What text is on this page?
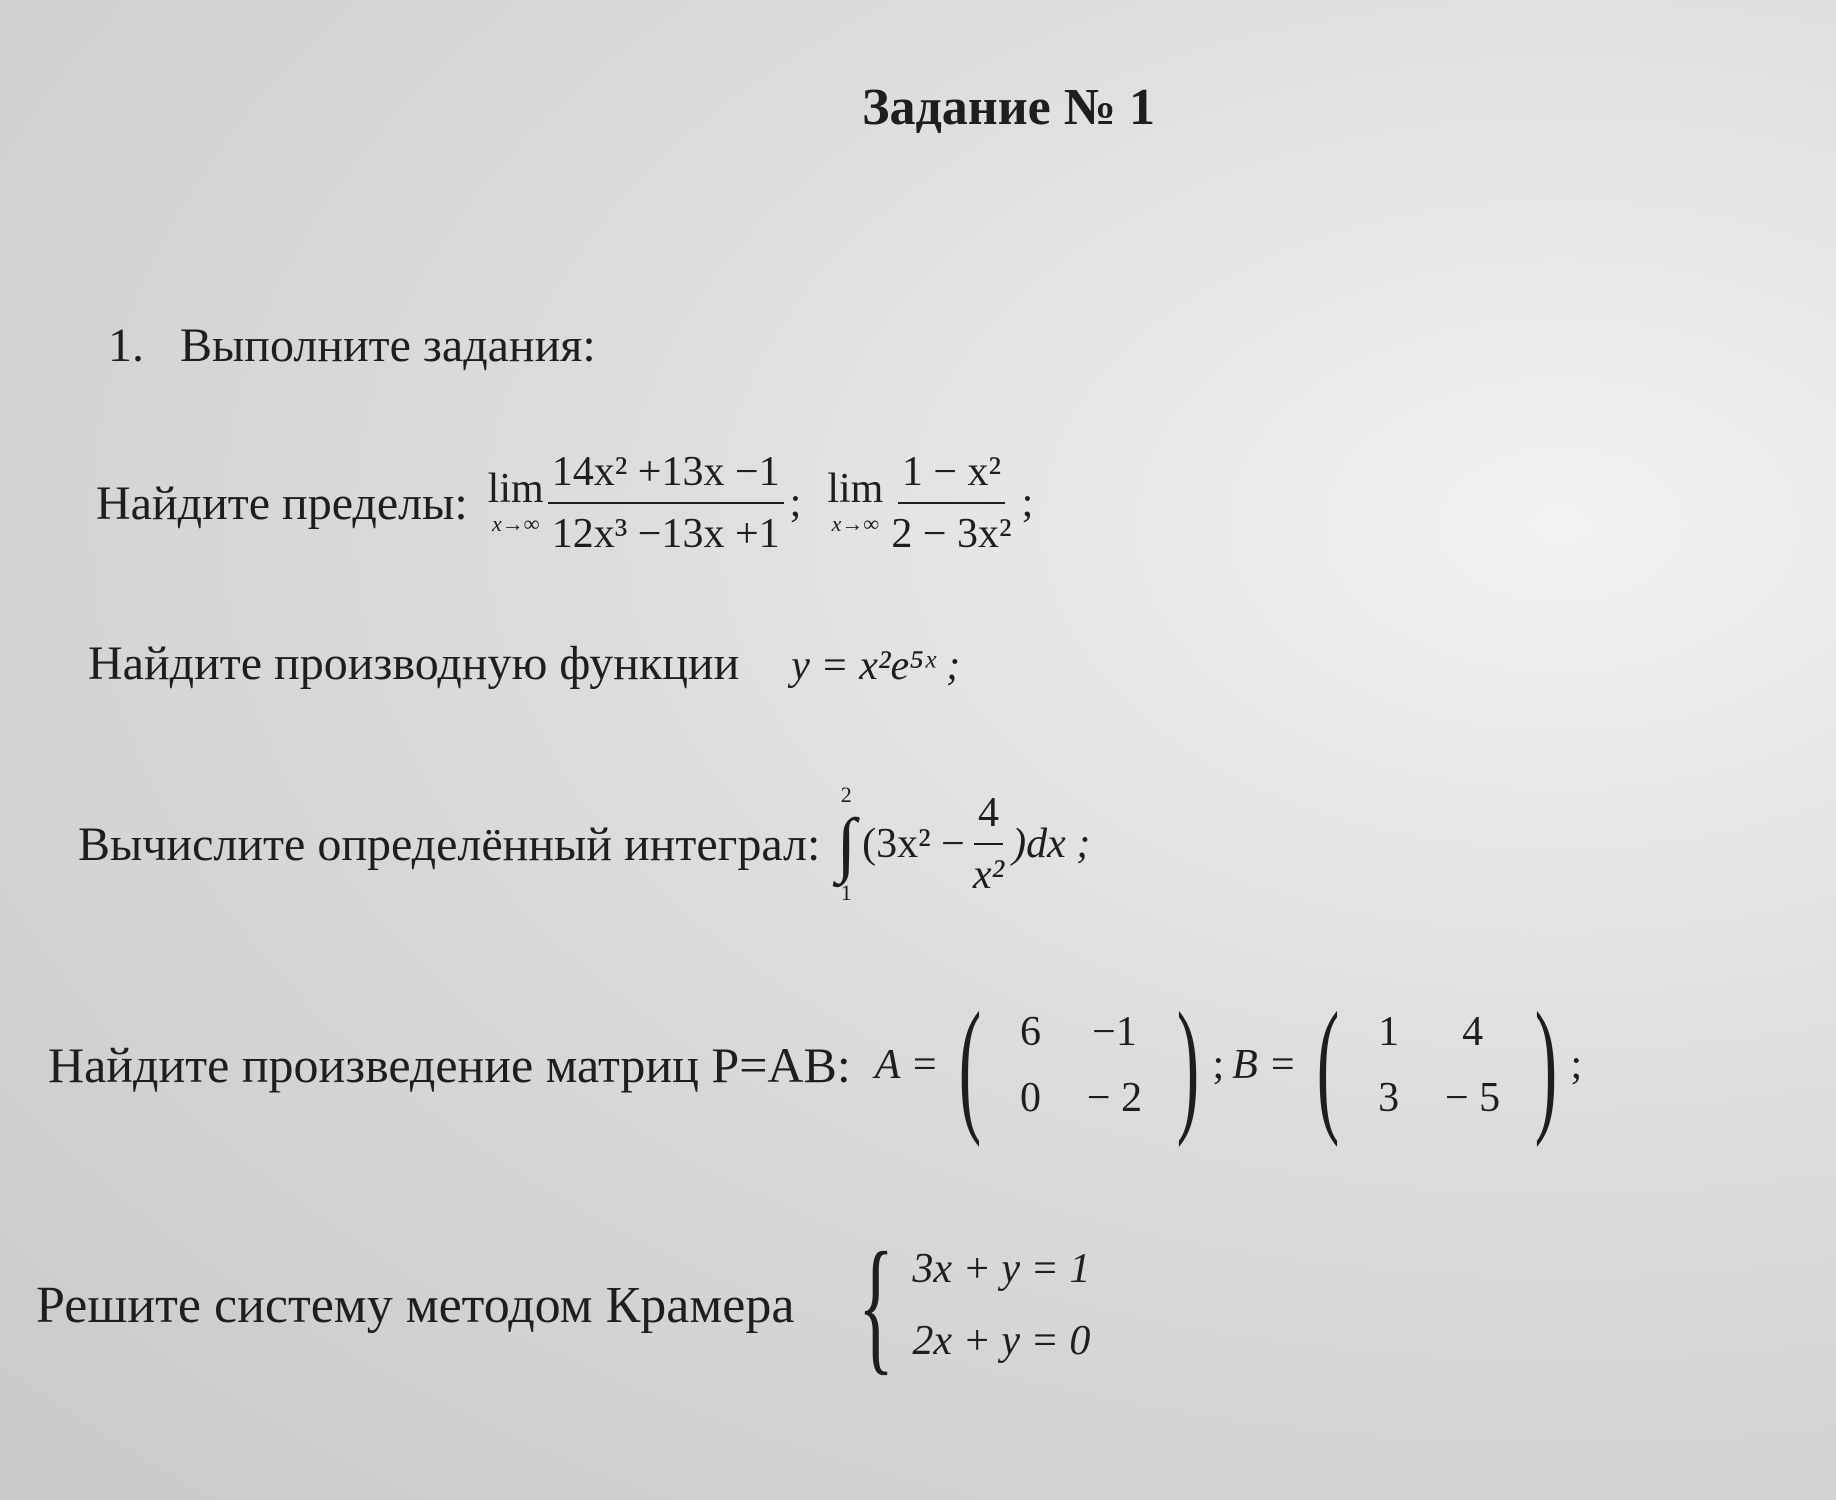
Задание № 1
1. Выполните задания:
Найдите пределы: lim
$x\to\infty \frac{\text{14x² +13x −1}}{\text{12x³ −13x +1}}$ ; lim
$x\to\infty \frac{\text{1 − x²}}{\text{2 − 3x²}}$ ;
Найдите производную функции y = x²e⁵ˣ ;
Вычислите определённый интеграл:
2
∫
1
$(3x^2 - \frac{4}{\text{x²}} )dx$ ;
Найдите произведение матриц P=AB: A = ( 6	−1
0	− 2 ) ; B = ( 1	4
3	− 5 ) ;
Решите систему методом Крамера { 3x + y = 1
2x + y = 0
